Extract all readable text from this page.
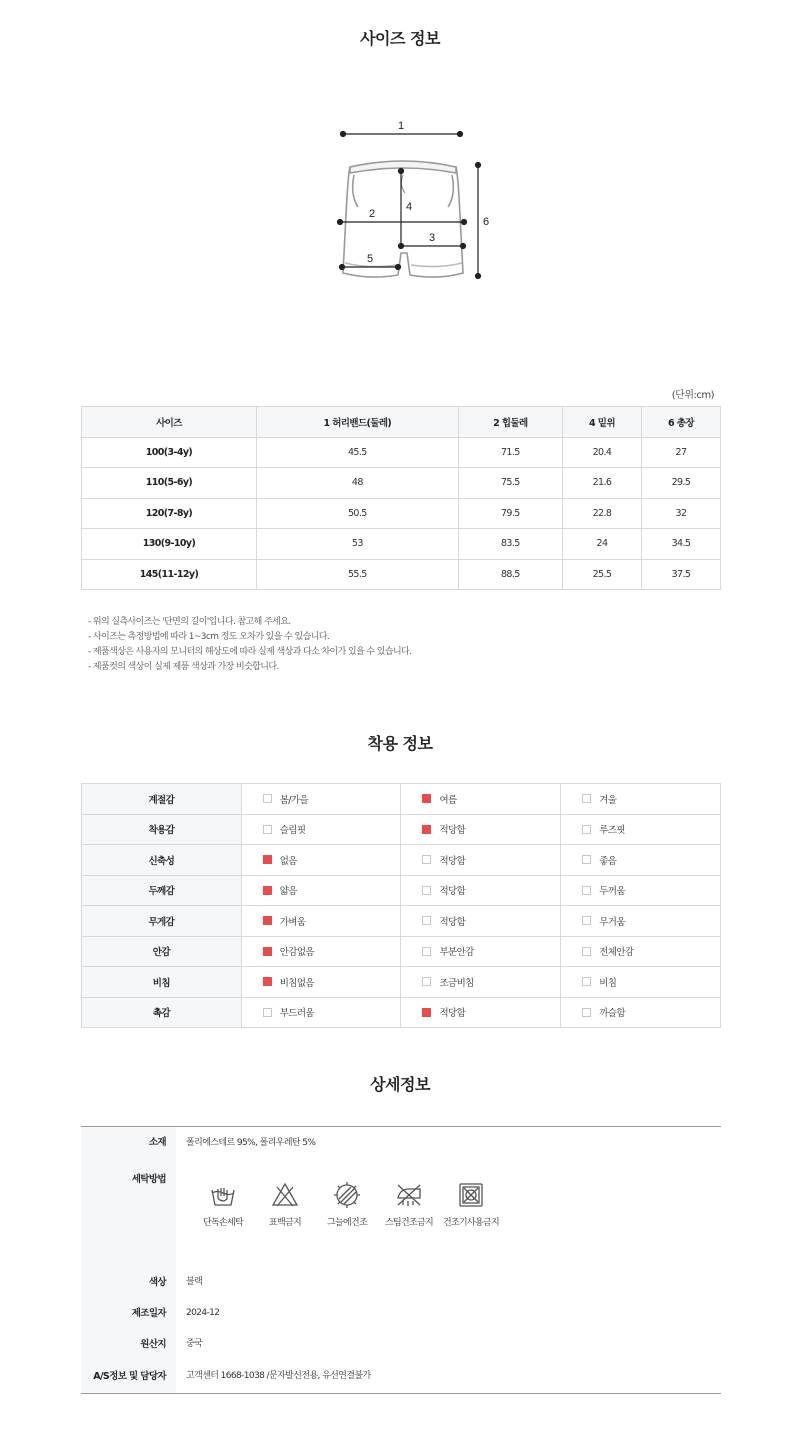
사이즈 정보
1
2
3
4
5
6
(단위:cm)
사이즈	1 허리밴드(둘레)	2 힙둘레	4 밑위	6 총장
100(3-4y)	45.5	71.5	20.4	27
110(5-6y)	48	75.5	21.6	29.5
120(7-8y)	50.5	79.5	22.8	32
130(9-10y)	53	83.5	24	34.5
145(11-12y)	55.5	88.5	25.5	37.5
- 위의 실측사이즈는 '단면의 길이'입니다. 참고해 주세요.
- 사이즈는 측정방법에 따라 1~3cm 정도 오차가 있을 수 있습니다.
- 제품색상은 사용자의 모니터의 해상도에 따라 실제 색상과 다소 차이가 있을 수 있습니다.
- 제품컷의 색상이 실제 제품 색상과 가장 비슷합니다.
착용 정보
계절감	봄/가을	여름	겨울
착용감	슬림핏	적당함	루즈핏
신축성	없음	적당함	좋음
두께감	얇음	적당함	두꺼움
무게감	가벼움	적당함	무거움
안감	안감없음	부분안감	전체안감
비침	비침없음	조금비침	비침
촉감	부드러움	적당함	까슬함
상세정보
소재	폴리에스테르 95%, 폴리우레탄 5%
세탁방법
단독손세탁	표백금지	그늘에건조	스팀건조금지	건조기사용금지
색상	블랙
제조일자	2024-12
원산지	중국
A/S정보 및 담당자	고객센터 1668-1038 /문자발신전용, 유선연결불가
